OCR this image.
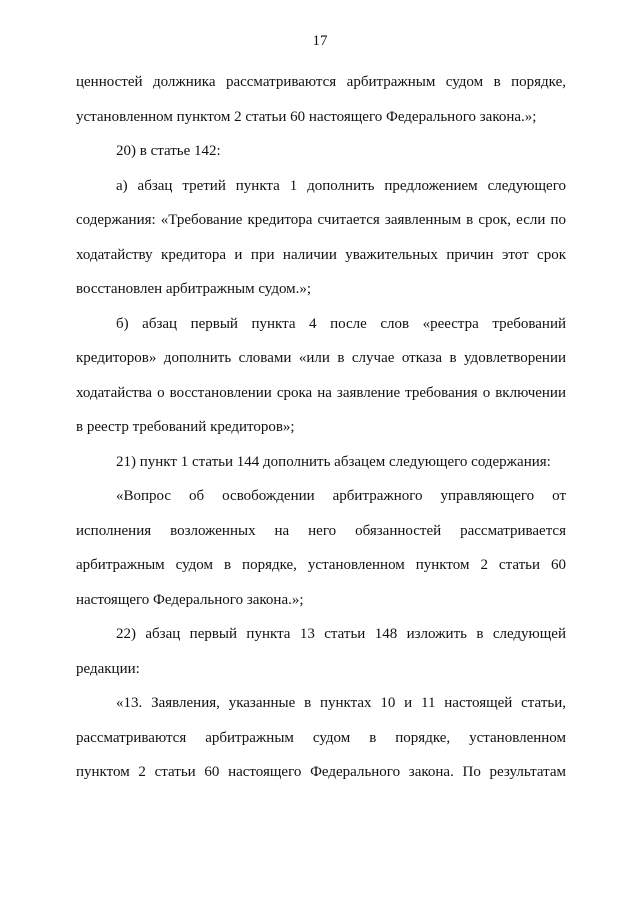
17
ценностей должника рассматриваются арбитражным судом в порядке,
установленном пунктом 2 статьи 60 настоящего Федерального закона.»;
20) в статье 142:
а) абзац третий пункта 1 дополнить предложением следующего
содержания: «Требование кредитора считается заявленным в срок, если по
ходатайству кредитора и при наличии уважительных причин этот срок
восстановлен арбитражным судом.»;
б) абзац первый пункта 4 после слов «реестра требований
кредиторов» дополнить словами «или в случае отказа в удовлетворении
ходатайства о восстановлении срока на заявление требования о включении
в реестр требований кредиторов»;
21) пункт 1 статьи 144 дополнить абзацем следующего содержания:
«Вопрос об освобождении арбитражного управляющего от
исполнения возложенных на него обязанностей рассматривается
арбитражным судом в порядке, установленном пунктом 2 статьи 60
настоящего Федерального закона.»;
22) абзац первый пункта 13 статьи 148 изложить в следующей
редакции:
«13. Заявления, указанные в пунктах 10 и 11 настоящей статьи,
рассматриваются арбитражным судом в порядке, установленном
пунктом 2 статьи 60 настоящего Федерального закона. По результатам
